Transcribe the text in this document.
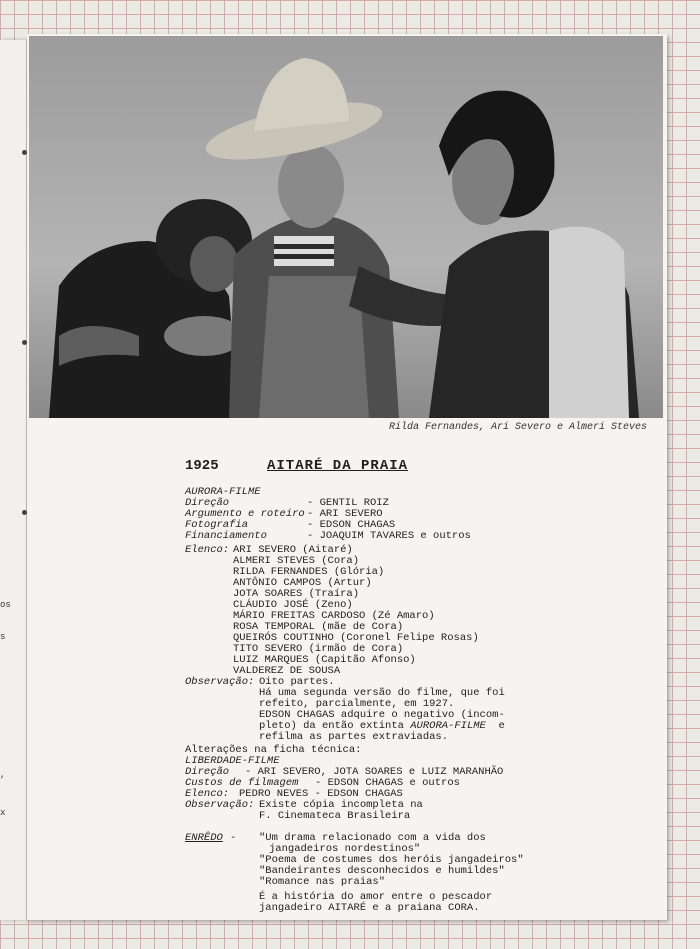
os
s
,
x
Rilda Fernandes, Ari Severo e Almeri Steves
1925	AITARÉ DA PRAIA
AURORA-FILME
Direção	- GENTIL ROIZ
Argumento e roteiro - ARI SEVERO
Fotografia	- EDSON CHAGAS
Financiamento	- JOAQUIM TAVARES e outros
Elenco: ARI SEVERO (Aitaré)
ALMERI STEVES (Cora)
RILDA FERNANDES (Glória)
ANTÔNIO CAMPOS (Artur)
JOTA SOARES (Traíra)
CLÁUDIO JOSÉ (Zeno)
MÁRIO FREITAS CARDOSO (Zé Amaro)
ROSA TEMPORAL (mãe de Cora)
QUEIRÓS COUTINHO (Coronel Felipe Rosas)
TITO SEVERO (irmão de Cora)
LUIZ MARQUES (Capitão Afonso)
VALDEREZ DE SOUSA
Observação: Oito partes.
Há uma segunda versão do filme, que foi
refeito, parcialmente, em 1927.
EDSON CHAGAS adquire o negativo (incom-
pleto) da então extinta AURORA-FILME e
refilma as partes extraviadas.
Alterações na ficha técnica:
LIBERDADE-FILME
Direção - ARI SEVERO, JOTA SOARES e LUIZ MARANHÃO
Custos de filmagem - EDSON CHAGAS e outros
Elenco: PEDRO NEVES - EDSON CHAGAS
Observação: Existe cópia incompleta na
F. Cinemateca Brasileira
ENRÊDO - "Um drama relacionado com a vida dos
jangadeiros nordestinos"
"Poema de costumes dos heróis jangadeiros"
"Bandeirantes desconhecidos e humildes"
"Romance nas praias"
É a história do amor entre o pescador
jangadeiro AITARÉ e a praiana CORA.
